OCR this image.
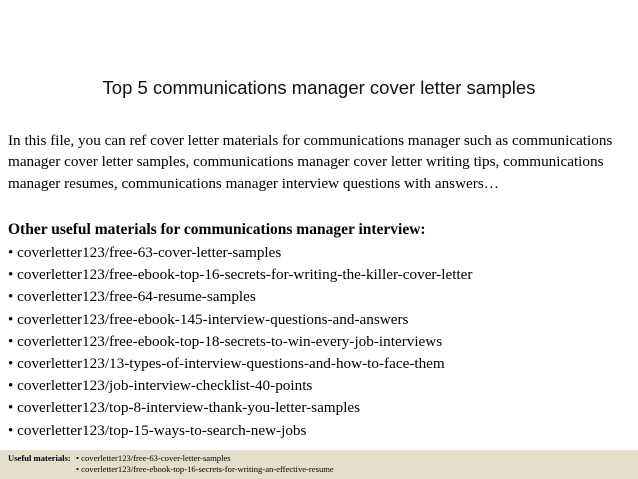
Top 5 communications manager cover letter samples

In this file, you can ref cover letter materials for communications manager such as communications manager cover letter samples, communications manager cover letter writing tips, communications manager resumes, communications manager interview questions with answers…

Other useful materials for communications manager interview:

• coverletter123/free-63-cover-letter-samples
• coverletter123/free-ebook-top-16-secrets-for-writing-the-killer-cover-letter
• coverletter123/free-64-resume-samples
• coverletter123/free-ebook-145-interview-questions-and-answers
• coverletter123/free-ebook-top-18-secrets-to-win-every-job-interviews
• coverletter123/13-types-of-interview-questions-and-how-to-face-them
• coverletter123/job-interview-checklist-40-points
• coverletter123/top-8-interview-thank-you-letter-samples
• coverletter123/top-15-ways-to-search-new-jobs
Useful materials: • coverletter123/free-63-cover-letter-samples
• coverletter123/free-ebook-top-16-secrets-for-writing-an-effective-resume
